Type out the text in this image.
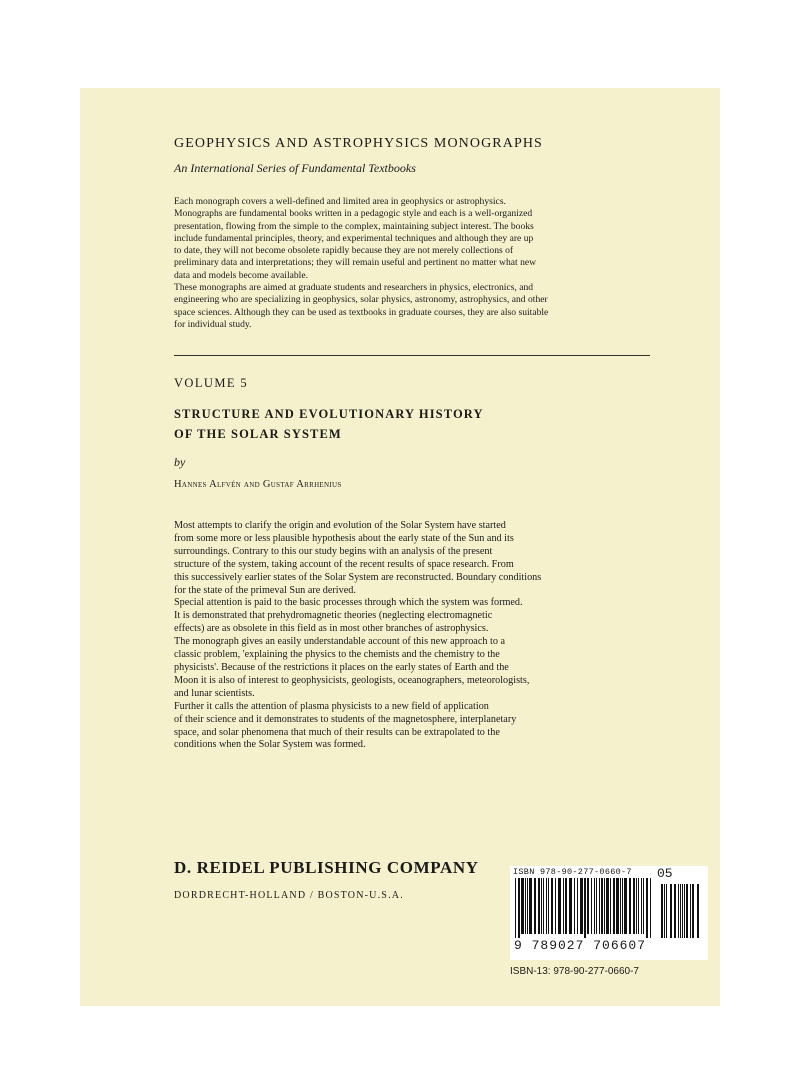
GEOPHYSICS AND ASTROPHYSICS MONOGRAPHS
An International Series of Fundamental Textbooks

Each monograph covers a well-defined and limited area in geophysics or astrophysics.

Monographs are fundamental books written in a pedagogic style and each is a well-organized

presentation, flowing from the simple to the complex, maintaining subject interest. The books

include fundamental principles, theory, and experimental techniques and although they are up

to date, they will not become obsolete rapidly because they are not merely collections of

preliminary data and interpretations; they will remain useful and pertinent no matter what new

data and models become available.

These monographs are aimed at graduate students and researchers in physics, electronics, and

engineering who are specializing in geophysics, solar physics, astronomy, astrophysics, and other

space sciences. Although they can be used as textbooks in graduate courses, they are also suitable

for individual study.

VOLUME 5
STRUCTURE AND EVOLUTIONARY HISTORY
OF THE SOLAR SYSTEM
by
Hannes Alfvén and Gustaf Arrhenius

Most attempts to clarify the origin and evolution of the Solar System have started

from some more or less plausible hypothesis about the early state of the Sun and its

surroundings. Contrary to this our study begins with an analysis of the present

structure of the system, taking account of the recent results of space research. From

this successively earlier states of the Solar System are reconstructed. Boundary conditions

for the state of the primeval Sun are derived.

Special attention is paid to the basic processes through which the system was formed.

It is demonstrated that prehydromagnetic theories (neglecting electromagnetic

effects) are as obsolete in this field as in most other branches of astrophysics.

The monograph gives an easily understandable account of this new approach to a

classic problem, 'explaining the physics to the chemists and the chemistry to the

physicists'. Because of the restrictions it places on the early states of Earth and the

Moon it is also of interest to geophysicists, geologists, oceanographers, meteorologists,

and lunar scientists.

Further it calls the attention of plasma physicists to a new field of application

of their science and it demonstrates to students of the magnetosphere, interplanetary

space, and solar phenomena that much of their results can be extrapolated to the

conditions when the Solar System was formed.

D. REIDEL PUBLISHING COMPANY
DORDRECHT-HOLLAND / BOSTON-U.S.A.
ISBN 978-90-277-0660-7
9 789027 706607
05
ISBN-13: 978-90-277-0660-7
